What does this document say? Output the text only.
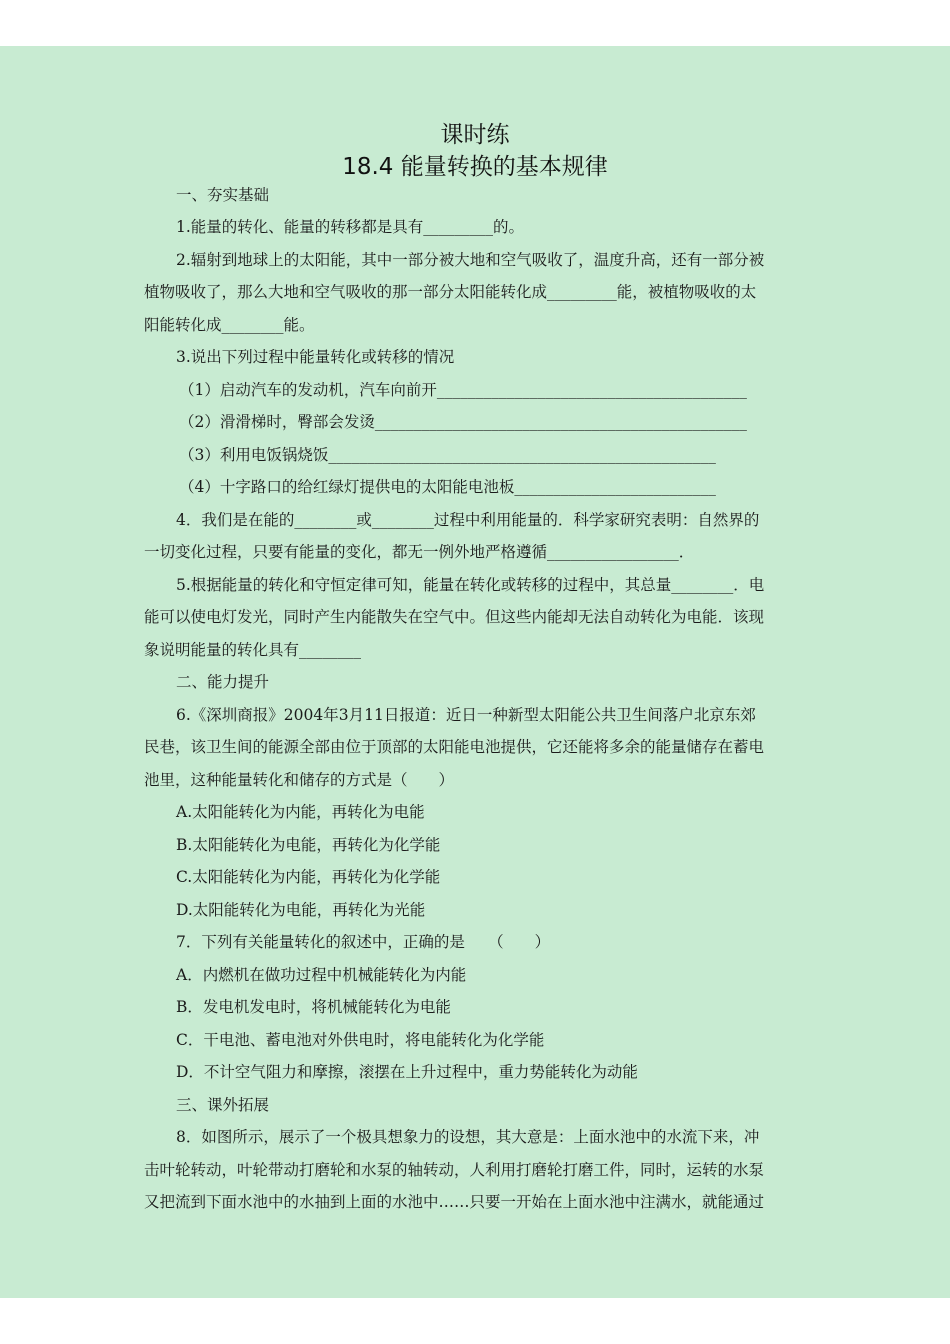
课时练
18.4 能量转换的基本规律
一、夯实基础
1.能量的转化、能量的转移都是具有_________的。
2.辐射到地球上的太阳能，其中一部分被大地和空气吸收了，温度升高，还有一部分被
植物吸收了，那么大地和空气吸收的那一部分太阳能转化成_________能，被植物吸收的太
阳能转化成________能。
3.说出下列过程中能量转化或转移的情况
（1）启动汽车的发动机，汽车向前开________________________________________
（2）滑滑梯时，臀部会发烫________________________________________________
（3）利用电饭锅烧饭__________________________________________________
（4）十字路口的给红绿灯提供电的太阳能电池板__________________________
4．我们是在能的________或________过程中利用能量的．科学家研究表明：自然界的
一切变化过程，只要有能量的变化，都无一例外地严格遵循_________________．
5.根据能量的转化和守恒定律可知，能量在转化或转移的过程中，其总量________．电
能可以使电灯发光，同时产生内能散失在空气中。但这些内能却无法自动转化为电能．该现
象说明能量的转化具有________
二、能力提升
6.《深圳商报》2004年3月11日报道：近日一种新型太阳能公共卫生间落户北京东郊
民巷，该卫生间的能源全部由位于顶部的太阳能电池提供，它还能将多余的能量储存在蓄电
池里，这种能量转化和储存的方式是（　　）
A.太阳能转化为内能，再转化为电能
B.太阳能转化为电能，再转化为化学能
C.太阳能转化为内能，再转化为化学能
D.太阳能转化为电能，再转化为光能
7．下列有关能量转化的叙述中，正确的是　　（　　）
A．内燃机在做功过程中机械能转化为内能
B．发电机发电时，将机械能转化为电能
C．干电池、蓄电池对外供电时，将电能转化为化学能
D．不计空气阻力和摩擦，滚摆在上升过程中，重力势能转化为动能
三、课外拓展
8．如图所示，展示了一个极具想象力的设想，其大意是：上面水池中的水流下来，冲
击叶轮转动，叶轮带动打磨轮和水泵的轴转动，人利用打磨轮打磨工件，同时，运转的水泵
又把流到下面水池中的水抽到上面的水池中……只要一开始在上面水池中注满水，就能通过
